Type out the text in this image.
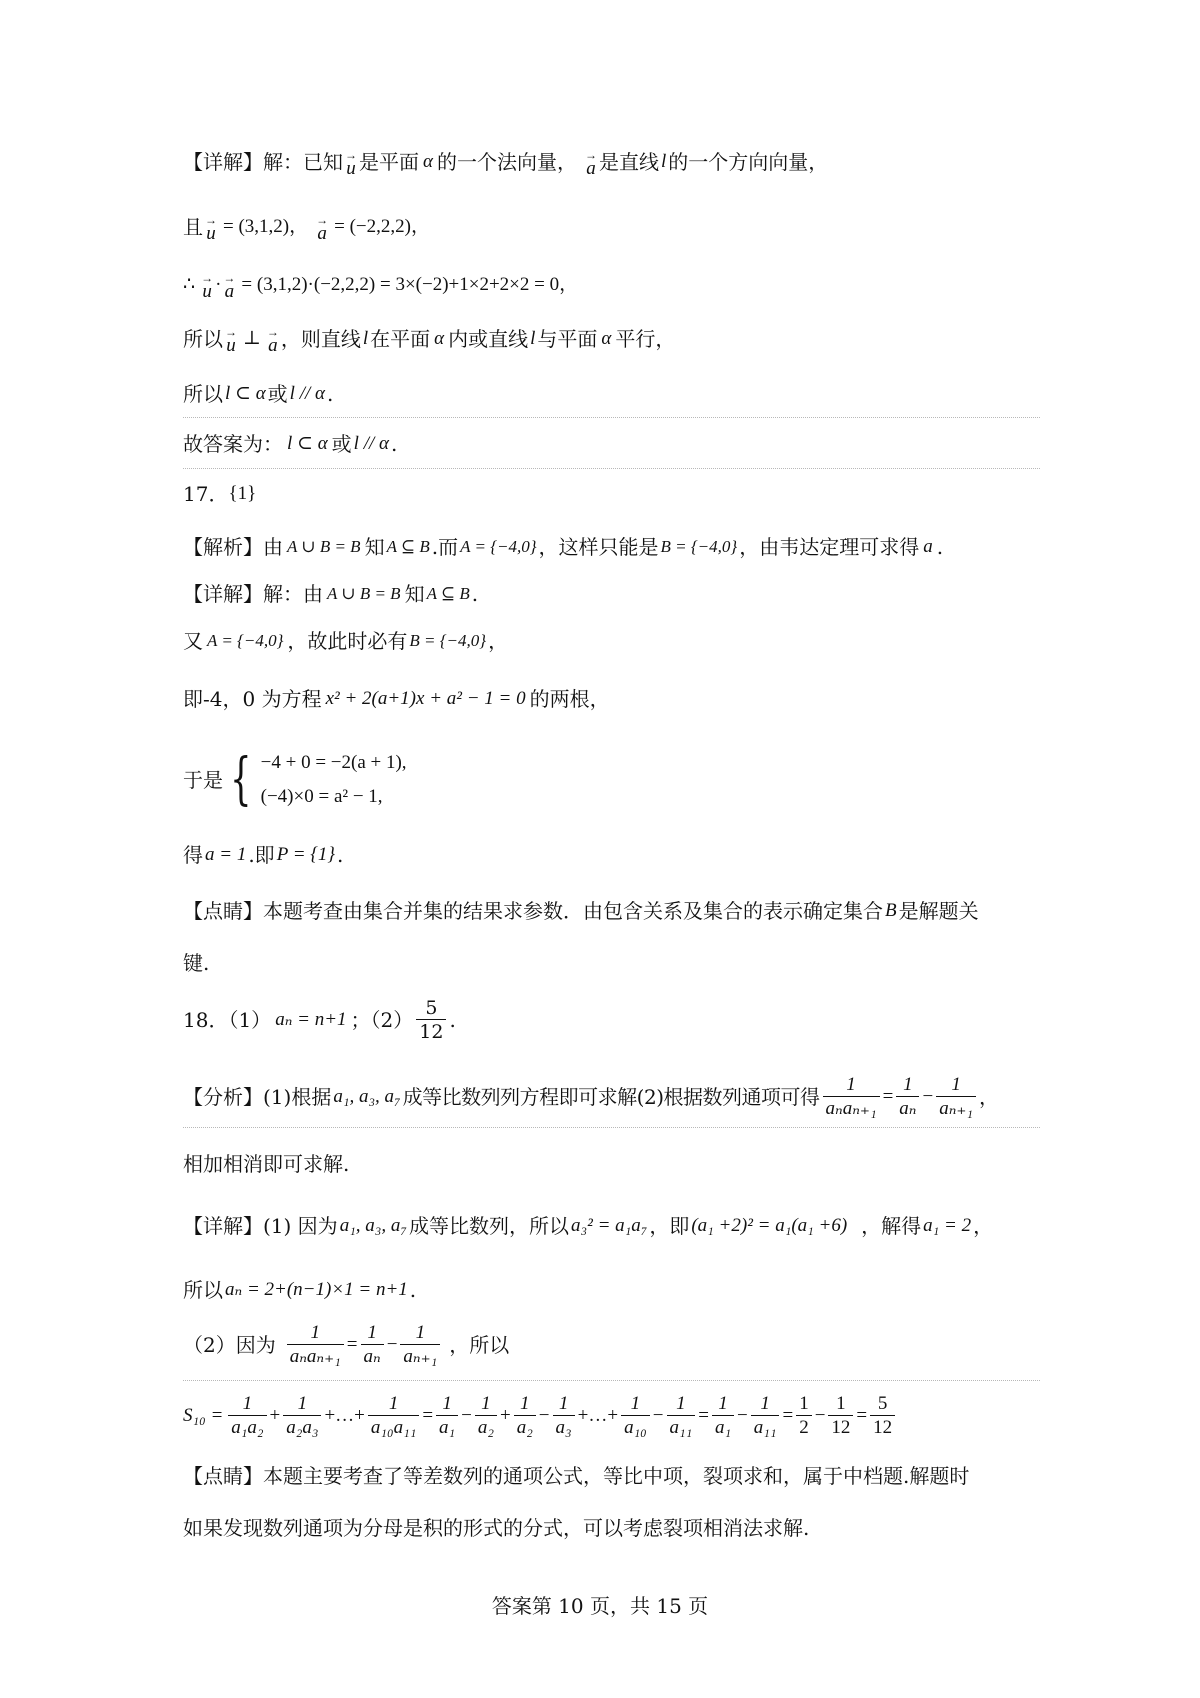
【详解】解：已知 →
u 是平面 α 的一个法向量， →
a 是直线 l 的一个方向向量，
且 →
u = (3,1,2)， →
a = (−2,2,2)，
∴ →
u · →
a = (3,1,2)·(−2,2,2) = 3×(−2)+1×2+2×2 = 0，
所以 →
u ⊥ →
a ，则直线 l 在平面 α 内或直线 l 与平面 α 平行，
所以 l ⊂ α 或 l // α .
故答案为： l ⊂ α 或 l // α .
17． {1}
【解析】由 A ∪ B = B 知 A ⊆ B .而 A = {−4,0} ，这样只能是 B = {−4,0} ，由韦达定理可求得 a .
【详解】解：由 A ∪ B = B 知 A ⊆ B .
又 A = {−4,0} ，故此时必有 B = {−4,0} ，
即-4，0 为方程 x² + 2(a+1)x + a² − 1 = 0 的两根，
于是 { −4 + 0 = −2(a + 1),
(−4)×0 = a² − 1,
得 a = 1 .即 P = {1} .
【点睛】本题考查由集合并集的结果求参数．由包含关系及集合的表示确定集合 B 是解题关
键.
18．（1） aₙ = n+1 ；$(2) \frac{5}{12}$ .
【分析】(1)根据 a₁, a₃, a₇ 成等比数列列方程即可求解(2)根据数列通项可得 $\frac{1}{\text{aₙaₙ₊₁}} = \frac{1}{\text{aₙ}} - \frac{1}{\text{aₙ₊₁}}$ ，
相加相消即可求解.
【详解】(1) 因为 a₁, a₃, a₇ 成等比数列，所以 a₃² = a₁a₇ ，即 (a₁ +2)² = a₁(a₁ +6) ，解得 a₁ = 2 ，
所以 aₙ = 2+(n−1)×1 = n+1 .
（2）因为 $\frac{1}{\text{aₙaₙ₊₁}} = \frac{1}{\text{aₙ}} - \frac{1}{\text{aₙ₊₁}}$ ，所以
$S_{10} = \frac{1}{\text{a₁a₂}} + \frac{1}{\text{a₂a₃}}$ +…+ $\frac{1}{\text{a₁₀a₁₁}} = \frac{1}{\text{a₁}} - \frac{1}{\text{a₂}} + \frac{1}{\text{a₂}} - \frac{1}{\text{a₃}}$ +…+ $\frac{1}{\text{a₁₀}} - \frac{1}{\text{a₁₁}} = \frac{1}{\text{a₁}} - \frac{1}{\text{a₁₁}} = \frac{1}{2} - \frac{1}{12} = \frac{5}{12}$
【点睛】本题主要考查了等差数列的通项公式，等比中项，裂项求和，属于中档题.解题时
如果发现数列通项为分母是积的形式的分式，可以考虑裂项相消法求解.
答案第 10 页，共 15 页
